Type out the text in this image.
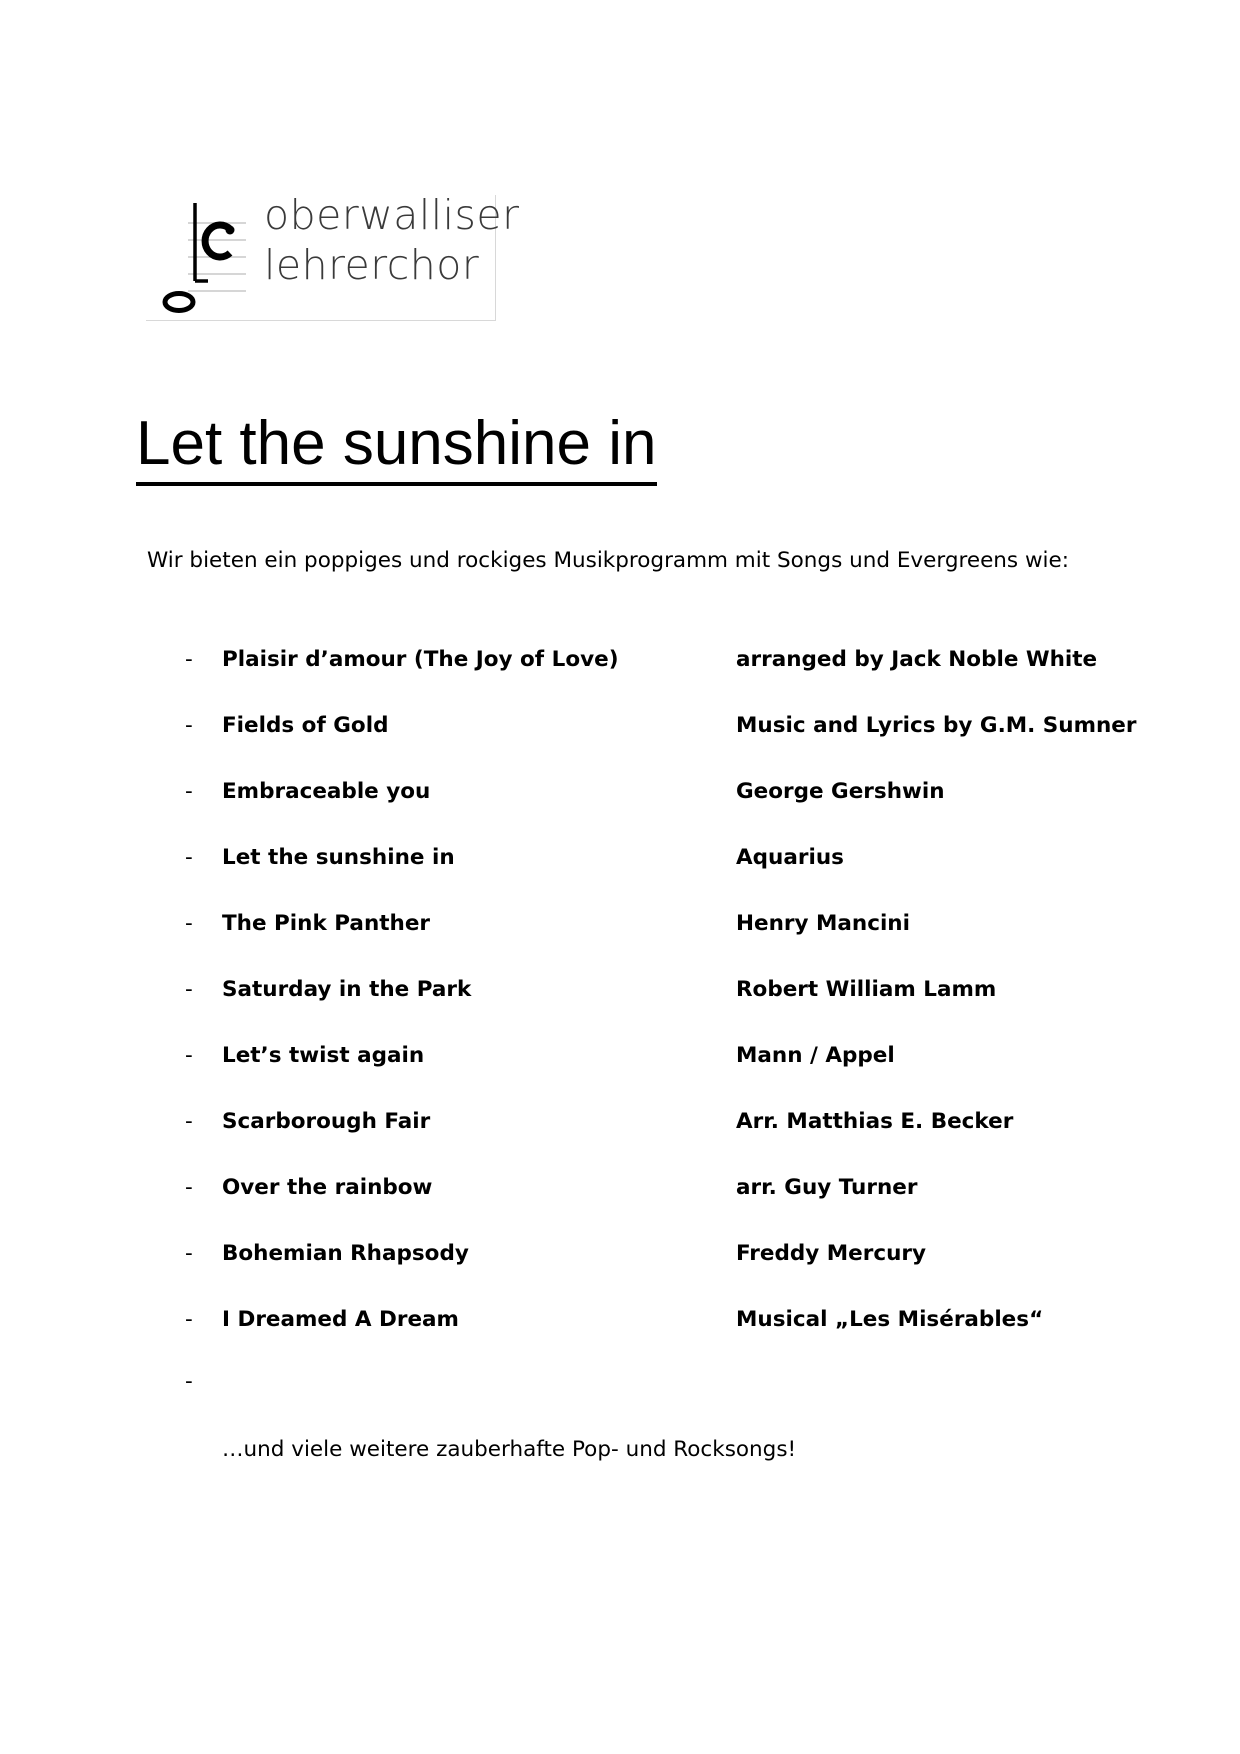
oberwalliser
lehrerchor
Let the sunshine in

Wir bieten ein poppiges und rockiges Musikprogramm mit Songs und Evergreens wie:

- Plaisir d’amour (The Joy of Love)	arranged by Jack Noble White
- Fields of Gold	Music and Lyrics by G.M. Sumner
- Embraceable you	George Gershwin
- Let the sunshine in	Aquarius
- The Pink Panther	Henry Mancini
- Saturday in the Park	Robert William Lamm
- Let’s twist again	Mann / Appel
- Scarborough Fair	Arr. Matthias E. Becker
- Over the rainbow	arr. Guy Turner
- Bohemian Rhapsody	Freddy Mercury
- I Dreamed A Dream	Musical „Les Misérables“
-

…und viele weitere zauberhafte Pop- und Rocksongs!
